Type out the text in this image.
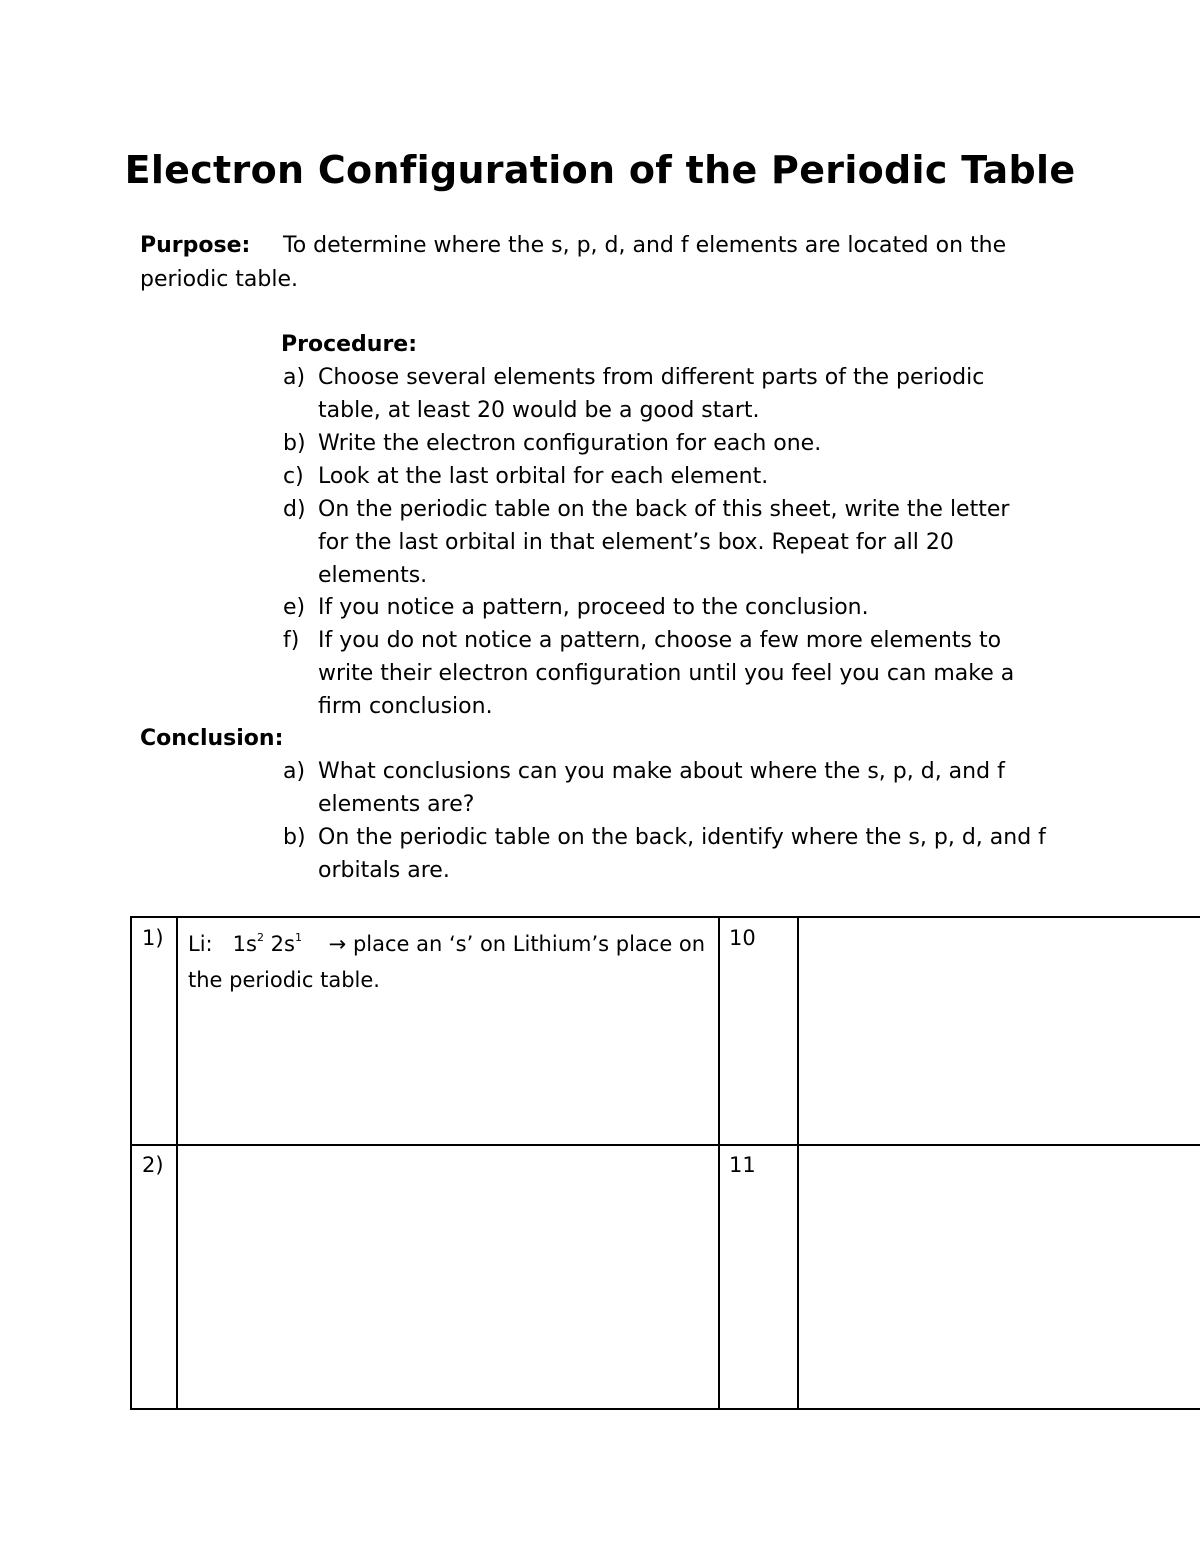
Electron Configuration of the Periodic Table
Purpose: To determine where the s, p, d, and f elements are located on the
periodic table.
Procedure:
a) Choose several elements from different parts of the periodic
table, at least 20 would be a good start.
b) Write the electron configuration for each one.
c) Look at the last orbital for each element.
d) On the periodic table on the back of this sheet, write the letter
for the last orbital in that element’s box. Repeat for all 20
elements.
e) If you notice a pattern, proceed to the conclusion.
f) If you do not notice a pattern, choose a few more elements to
write their electron configuration until you feel you can make a
firm conclusion.
Conclusion:
a) What conclusions can you make about where the s, p, d, and f
elements are?
b) On the periodic table on the back, identify where the s, p, d, and f
orbitals are.
1) Li: $1s^2$ $2s^1$ → place an ‘s’ on Lithium’s place on
the periodic table.
10
2)	11
